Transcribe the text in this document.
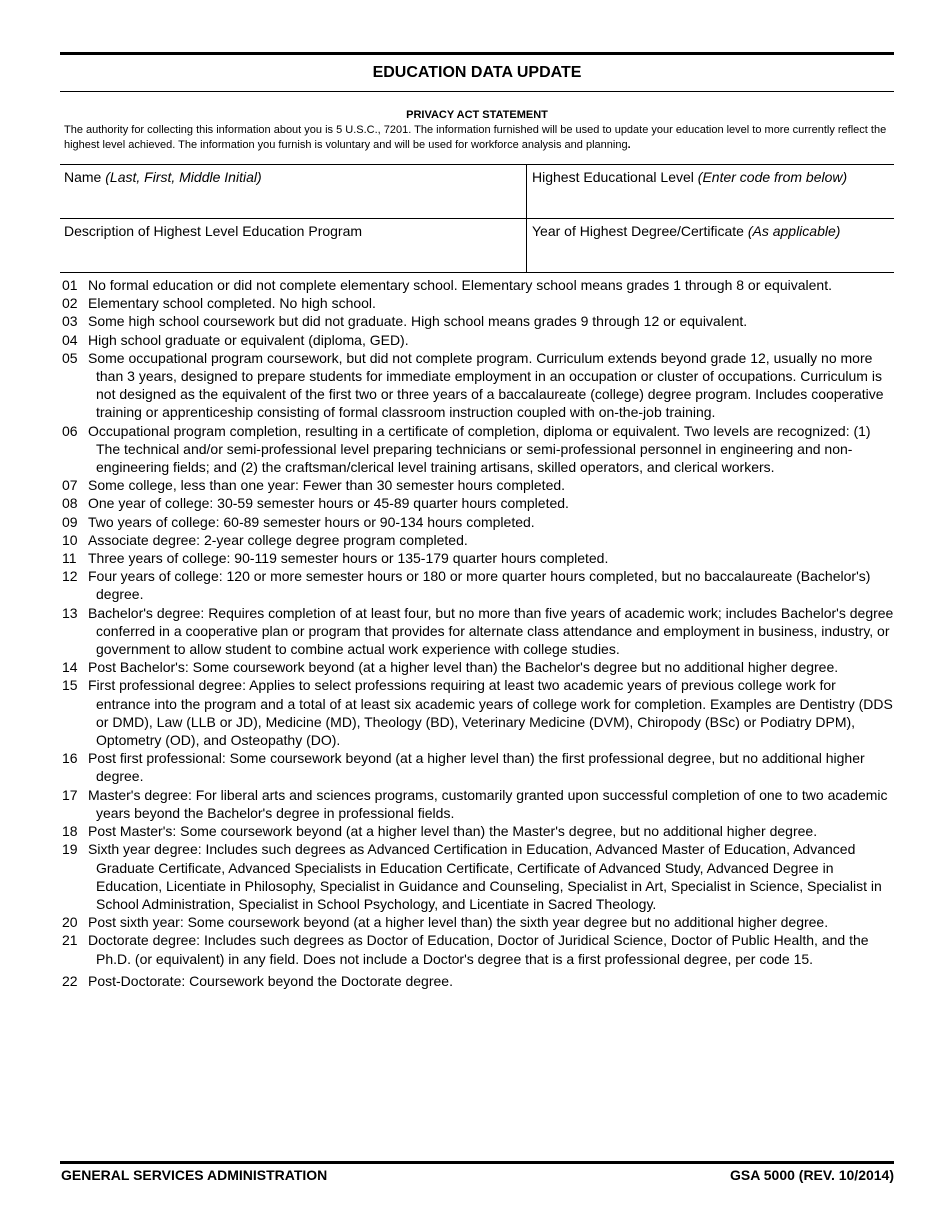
EDUCATION DATA UPDATE
PRIVACY ACT STATEMENT
The authority for collecting this information about you is 5 U.S.C., 7201. The information furnished will be used to update your education level to more currently reflect the highest level achieved. The information you furnish is voluntary and will be used for workforce analysis and planning.
Name (Last, First, Middle Initial)	Highest Educational Level (Enter code from below)
Description of Highest Level Education Program	Year of Highest Degree/Certificate (As applicable)
01 No formal education or did not complete elementary school. Elementary school means grades 1 through 8 or equivalent.
02 Elementary school completed. No high school.
03 Some high school coursework but did not graduate. High school means grades 9 through 12 or equivalent.
04 High school graduate or equivalent (diploma, GED).
05 Some occupational program coursework, but did not complete program. Curriculum extends beyond grade 12, usually no more than 3 years, designed to prepare students for immediate employment in an occupation or cluster of occupations. Curriculum is not designed as the equivalent of the first two or three years of a baccalaureate (college) degree program. Includes cooperative training or apprenticeship consisting of formal classroom instruction coupled with on-the-job training.
06 Occupational program completion, resulting in a certificate of completion, diploma or equivalent. Two levels are recognized: (1) The technical and/or semi-professional level preparing technicians or semi-professional personnel in engineering and non-engineering fields; and (2) the craftsman/clerical level training artisans, skilled operators, and clerical workers.
07 Some college, less than one year: Fewer than 30 semester hours completed.
08 One year of college: 30-59 semester hours or 45-89 quarter hours completed.
09 Two years of college: 60-89 semester hours or 90-134 hours completed.
10 Associate degree: 2-year college degree program completed.
11 Three years of college: 90-119 semester hours or 135-179 quarter hours completed.
12 Four years of college: 120 or more semester hours or 180 or more quarter hours completed, but no baccalaureate (Bachelor's) degree.
13 Bachelor's degree: Requires completion of at least four, but no more than five years of academic work; includes Bachelor's degree conferred in a cooperative plan or program that provides for alternate class attendance and employment in business, industry, or government to allow student to combine actual work experience with college studies.
14 Post Bachelor's: Some coursework beyond (at a higher level than) the Bachelor's degree but no additional higher degree.
15 First professional degree: Applies to select professions requiring at least two academic years of previous college work for entrance into the program and a total of at least six academic years of college work for completion. Examples are Dentistry (DDS or DMD), Law (LLB or JD), Medicine (MD), Theology (BD), Veterinary Medicine (DVM), Chiropody (BSc) or Podiatry DPM), Optometry (OD), and Osteopathy (DO).
16 Post first professional: Some coursework beyond (at a higher level than) the first professional degree, but no additional higher degree.
17 Master's degree: For liberal arts and sciences programs, customarily granted upon successful completion of one to two academic years beyond the Bachelor's degree in professional fields.
18 Post Master's: Some coursework beyond (at a higher level than) the Master's degree, but no additional higher degree.
19 Sixth year degree: Includes such degrees as Advanced Certification in Education, Advanced Master of Education, Advanced Graduate Certificate, Advanced Specialists in Education Certificate, Certificate of Advanced Study, Advanced Degree in Education, Licentiate in Philosophy, Specialist in Guidance and Counseling, Specialist in Art, Specialist in Science, Specialist in School Administration, Specialist in School Psychology, and Licentiate in Sacred Theology.
20 Post sixth year: Some coursework beyond (at a higher level than) the sixth year degree but no additional higher degree.
21 Doctorate degree: Includes such degrees as Doctor of Education, Doctor of Juridical Science, Doctor of Public Health, and the Ph.D. (or equivalent) in any field. Does not include a Doctor's degree that is a first professional degree, per code 15.
22 Post-Doctorate: Coursework beyond the Doctorate degree.
GENERAL SERVICES ADMINISTRATION	GSA 5000 (REV. 10/2014)
